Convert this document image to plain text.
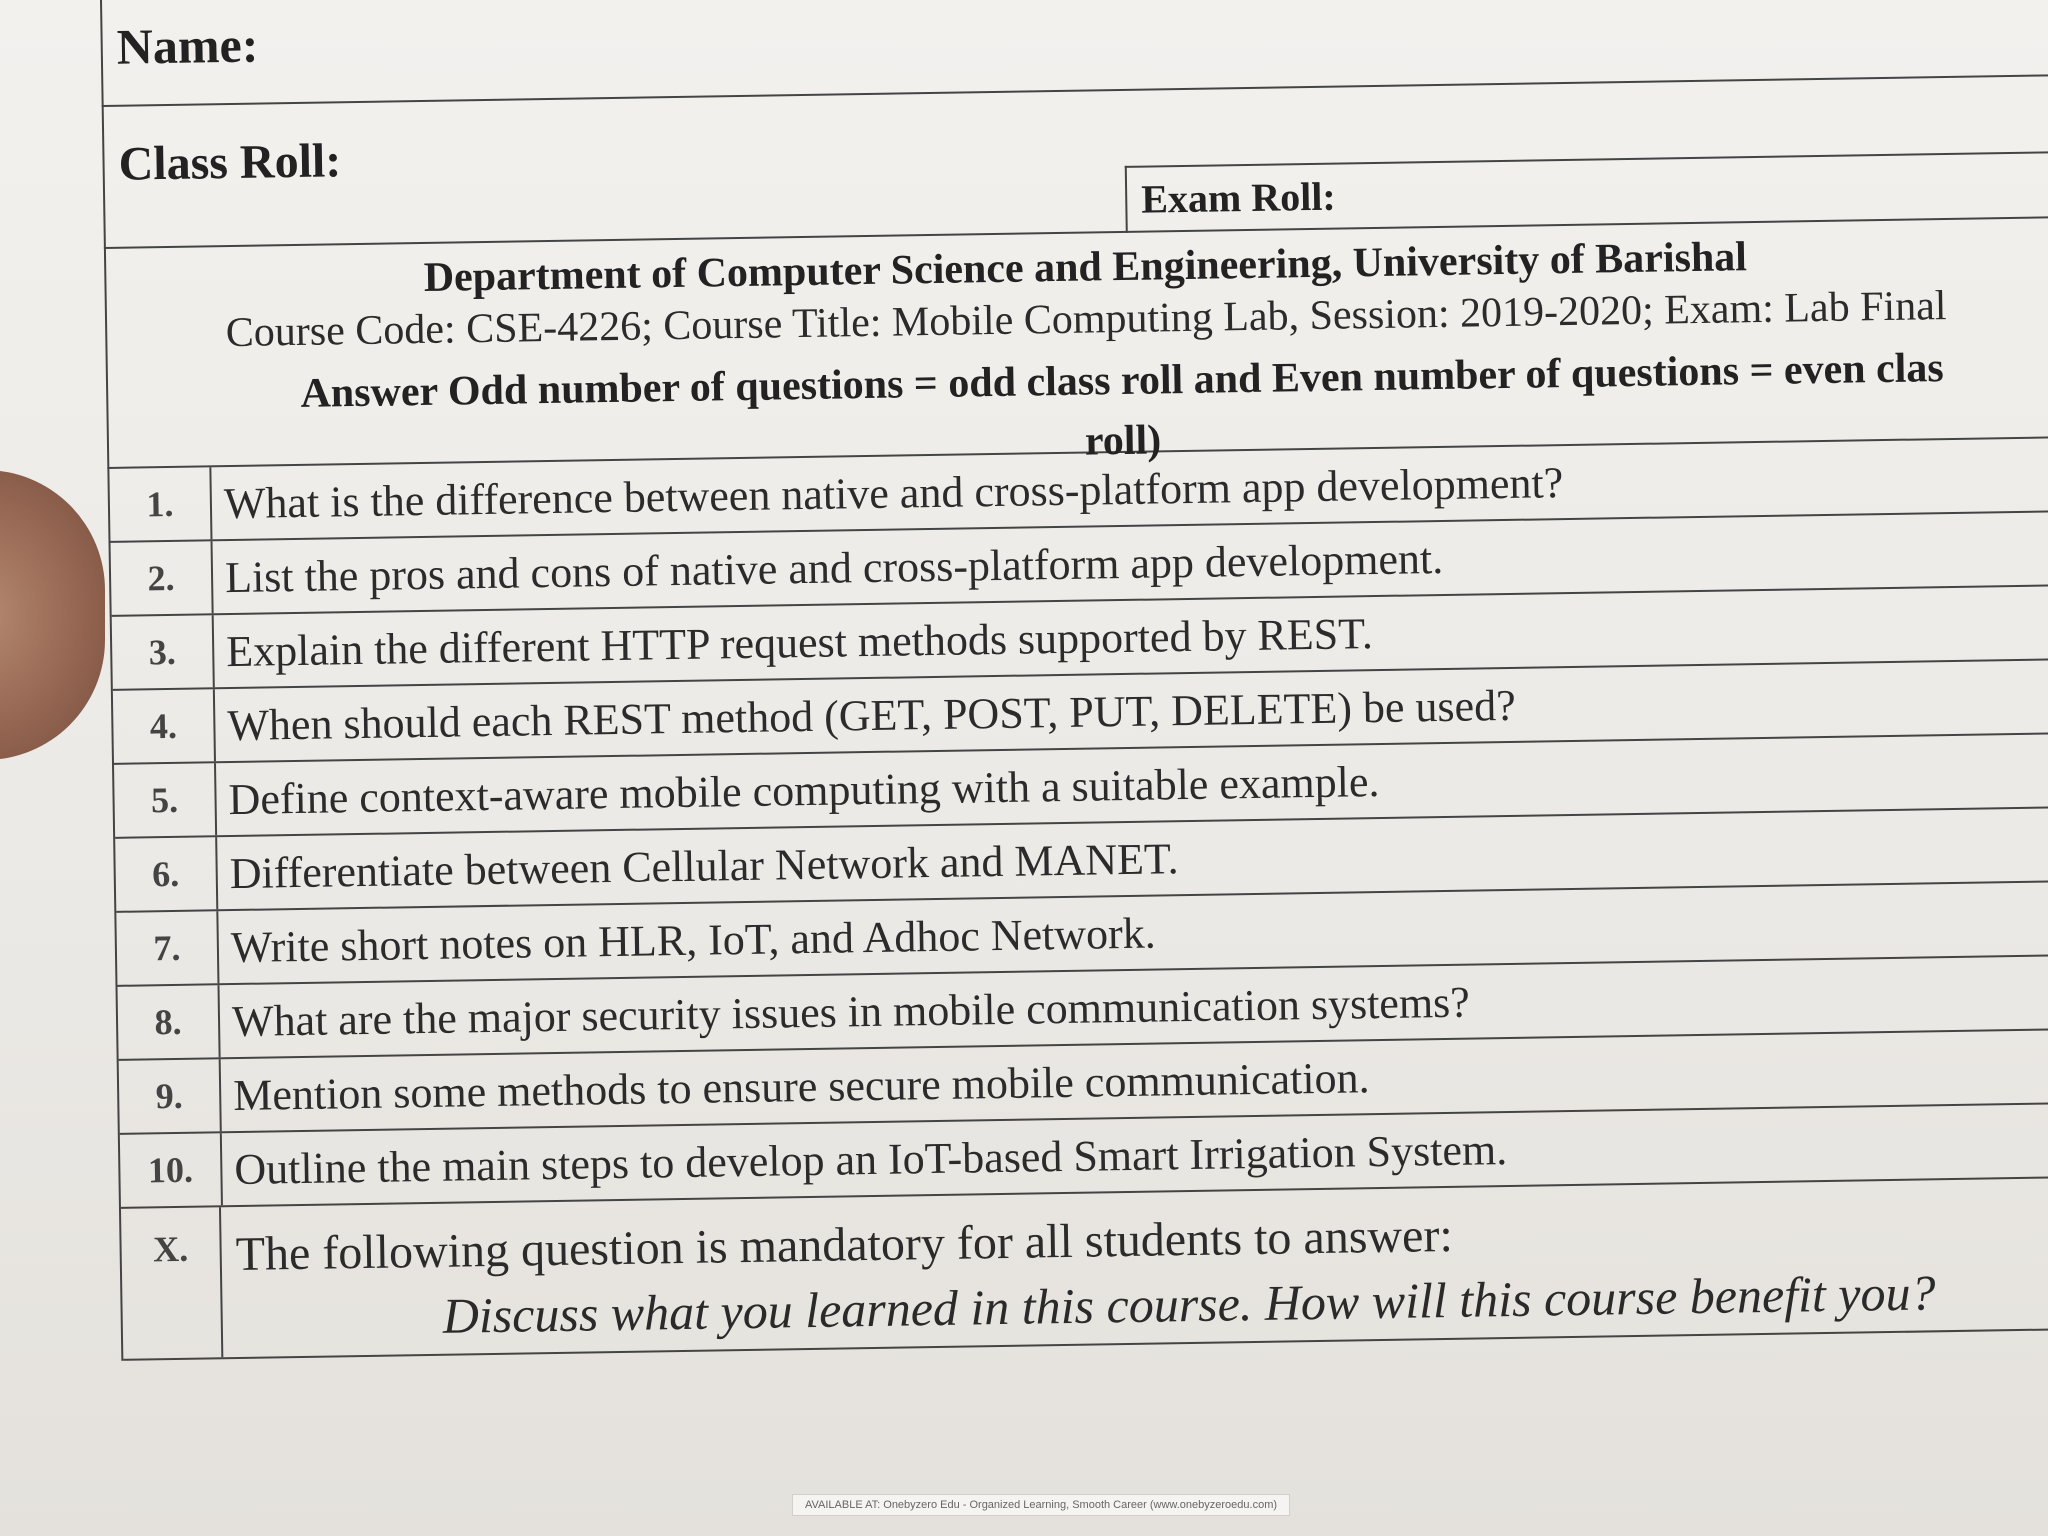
Name:
Class Roll:
Exam Roll:
Department of Computer Science and Engineering, University of Barishal
Course Code: CSE-4226; Course Title: Mobile Computing Lab, Session: 2019-2020; Exam: Lab Final
Answer Odd number of questions = odd class roll and Even number of questions = even clas
roll)
1.	What is the difference between native and cross-platform app development?
2.	List the pros and cons of native and cross-platform app development.
3.	Explain the different HTTP request methods supported by REST.
4.	When should each REST method (GET, POST, PUT, DELETE) be used?
5.	Define context-aware mobile computing with a suitable example.
6.	Differentiate between Cellular Network and MANET.
7.	Write short notes on HLR, IoT, and Adhoc Network.
8.	What are the major security issues in mobile communication systems?
9.	Mention some methods to ensure secure mobile communication.
10. Outline the main steps to develop an IoT-based Smart Irrigation System.
X. The following question is mandatory for all students to answer:
Discuss what you learned in this course. How will this course benefit you?
AVAILABLE AT: Onebyzero Edu - Organized Learning, Smooth Career (www.onebyzeroedu.com)
